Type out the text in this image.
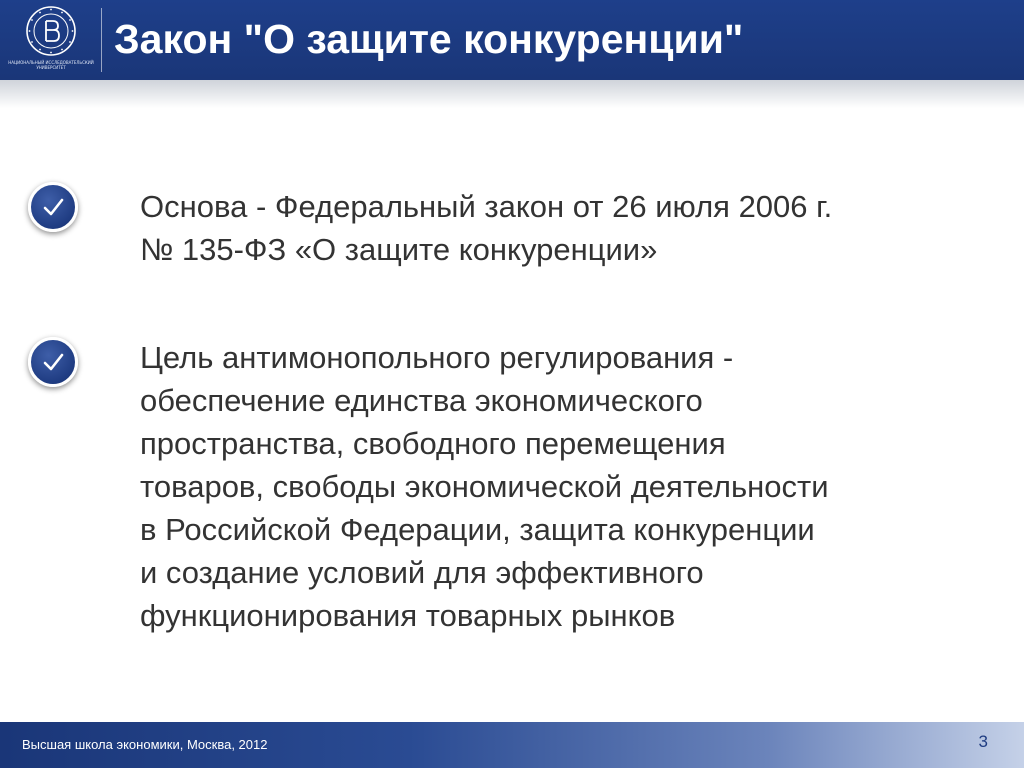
НАЦИОНАЛЬНЫЙ ИССЛЕДОВАТЕЛЬСКИЙ УНИВЕРСИТЕТ
Закон "О защите конкуренции"

Основа - Федеральный закон от 26 июля 2006 г.
№ 135-ФЗ «О защите конкуренции»

Цель антимонопольного регулирования -
обеспечение единства экономического
пространства, свободного перемещения
товаров, свободы экономической деятельности
в Российской Федерации, защита конкуренции
и создание условий для эффективного
функционирования товарных рынков

Высшая школа экономики, Москва, 2012	3
